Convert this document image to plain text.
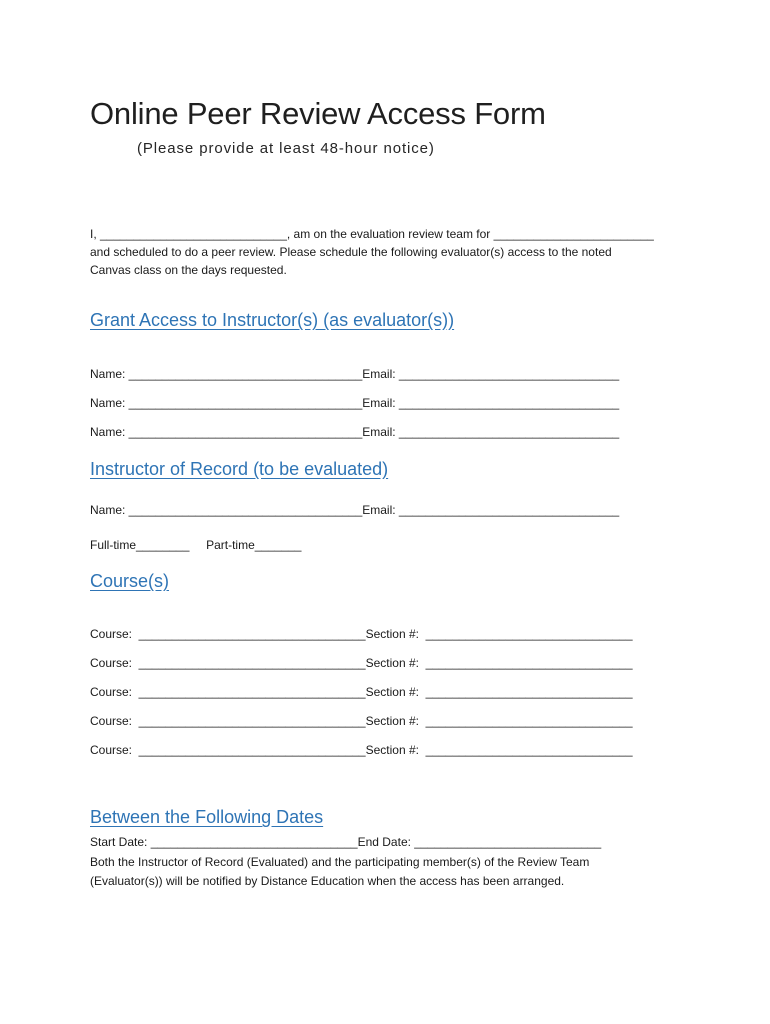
Online Peer Review Access Form
(Please provide at least 48-hour notice)
I, ____________________________, am on the evaluation review team for ________________________
and scheduled to do a peer review. Please schedule the following evaluator(s) access to the noted
Canvas class on the days requested.
Grant Access to Instructor(s) (as evaluator(s))
Name: ___________________________________Email: _________________________________
Name: ___________________________________Email: _________________________________
Name: ___________________________________Email: _________________________________
Instructor of Record (to be evaluated)
Name: ___________________________________Email: _________________________________
Full-time________     Part-time_______
Course(s)
Course:  __________________________________Section #:  _______________________________
Course:  __________________________________Section #:  _______________________________
Course:  __________________________________Section #:  _______________________________
Course:  __________________________________Section #:  _______________________________
Course:  __________________________________Section #:  _______________________________
Between the Following Dates
Start Date: _______________________________End Date: ____________________________
Both the Instructor of Record (Evaluated) and the participating member(s) of the Review Team
(Evaluator(s)) will be notified by Distance Education when the access has been arranged.
